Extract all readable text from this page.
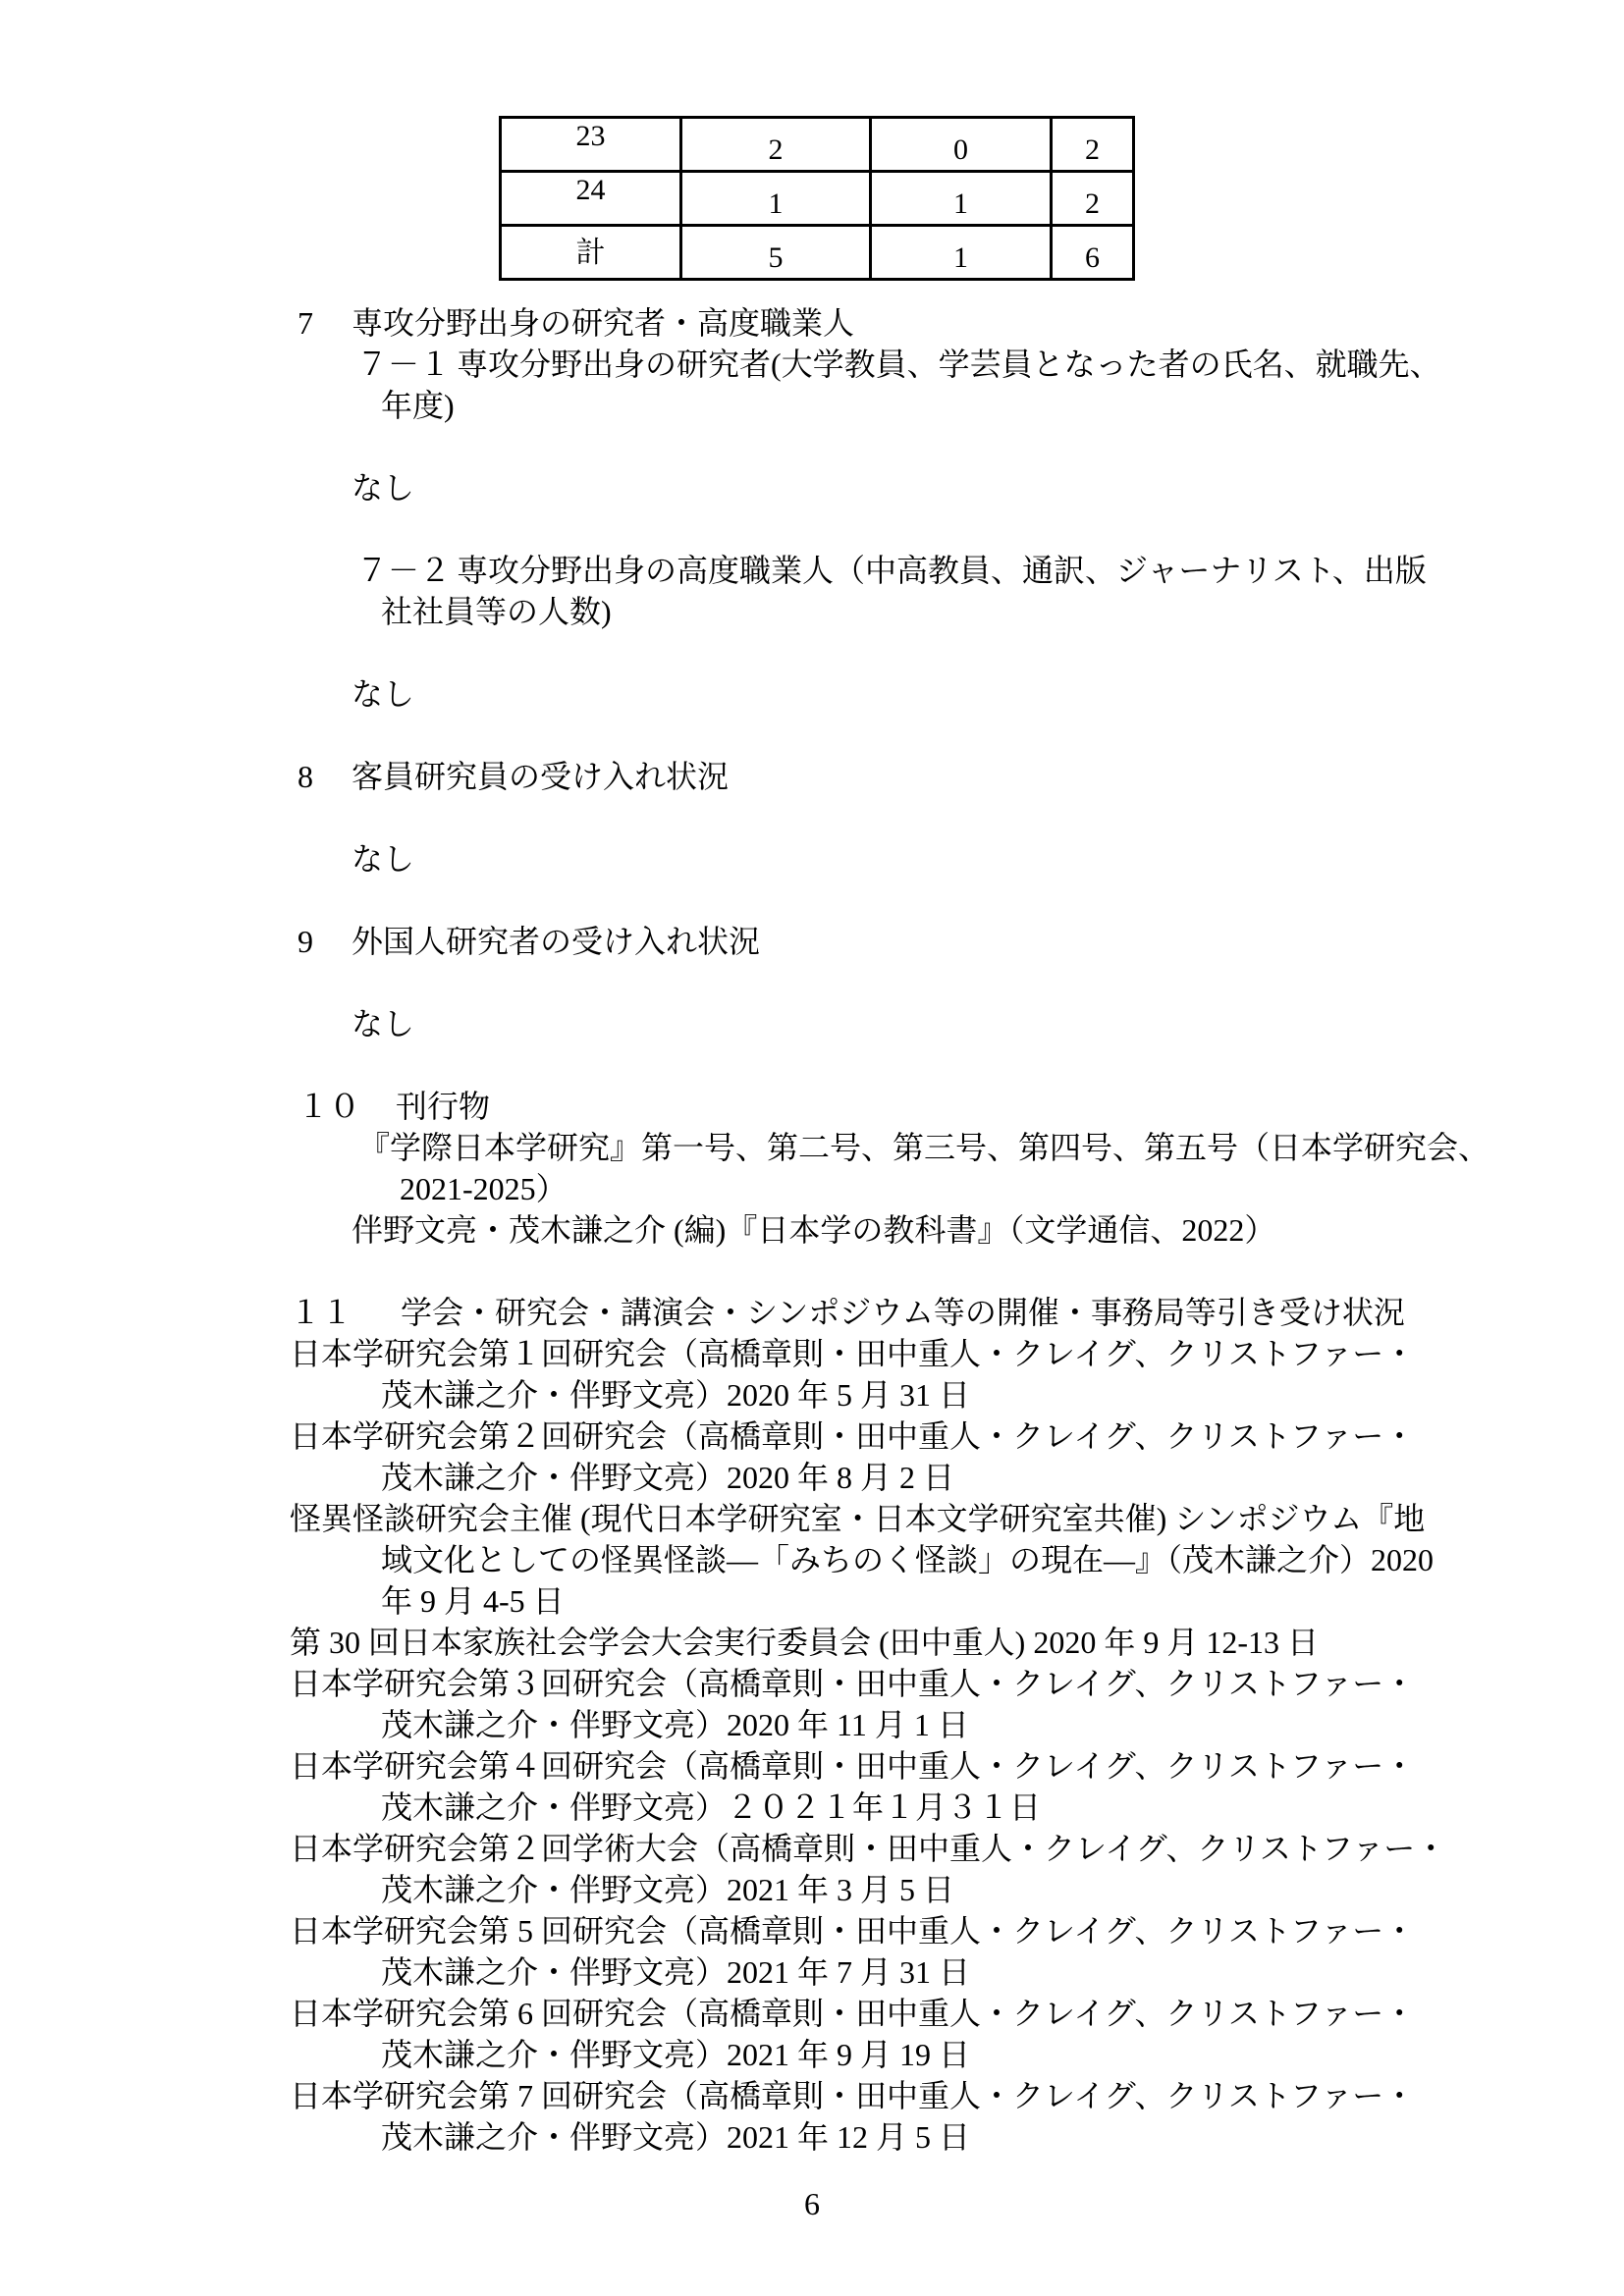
23	2	0	2
24	1	1	2
計	5	1	6
7 専攻分野出身の研究者・高度職業人
７－１ 専攻分野出身の研究者(大学教員、学芸員となった者の氏名、就職先、
年度)
なし
７－２ 専攻分野出身の高度職業人（中高教員、通訳、ジャーナリスト、出版
社社員等の人数)
なし
8 客員研究員の受け入れ状況
なし
9 外国人研究者の受け入れ状況
なし
１０ 刊行物
『学際日本学研究』第一号、第二号、第三号、第四号、第五号（日本学研究会、
2021-2025）
伴野文亮・茂木謙之介 (編)『日本学の教科書』（文学通信、2022）
１１ 学会・研究会・講演会・シンポジウム等の開催・事務局等引き受け状況
日本学研究会第１回研究会（高橋章則・田中重人・クレイグ、クリストファー・
茂木謙之介・伴野文亮）2020 年 5 月 31 日
日本学研究会第２回研究会（高橋章則・田中重人・クレイグ、クリストファー・
茂木謙之介・伴野文亮）2020 年 8 月 2 日
怪異怪談研究会主催 (現代日本学研究室・日本文学研究室共催) シンポジウム『地
域文化としての怪異怪談―「みちのく怪談」の現在―』（茂木謙之介）2020
年 9 月 4-5 日
第 30 回日本家族社会学会大会実行委員会 (田中重人) 2020 年 9 月 12-13 日
日本学研究会第３回研究会（高橋章則・田中重人・クレイグ、クリストファー・
茂木謙之介・伴野文亮）2020 年 11 月 1 日
日本学研究会第４回研究会（高橋章則・田中重人・クレイグ、クリストファー・
茂木謙之介・伴野文亮）２０２１年１月３１日
日本学研究会第２回学術大会（高橋章則・田中重人・クレイグ、クリストファー・
茂木謙之介・伴野文亮）2021 年 3 月 5 日
日本学研究会第 5 回研究会（高橋章則・田中重人・クレイグ、クリストファー・
茂木謙之介・伴野文亮）2021 年 7 月 31 日
日本学研究会第 6 回研究会（高橋章則・田中重人・クレイグ、クリストファー・
茂木謙之介・伴野文亮）2021 年 9 月 19 日
日本学研究会第 7 回研究会（高橋章則・田中重人・クレイグ、クリストファー・
茂木謙之介・伴野文亮）2021 年 12 月 5 日
6
